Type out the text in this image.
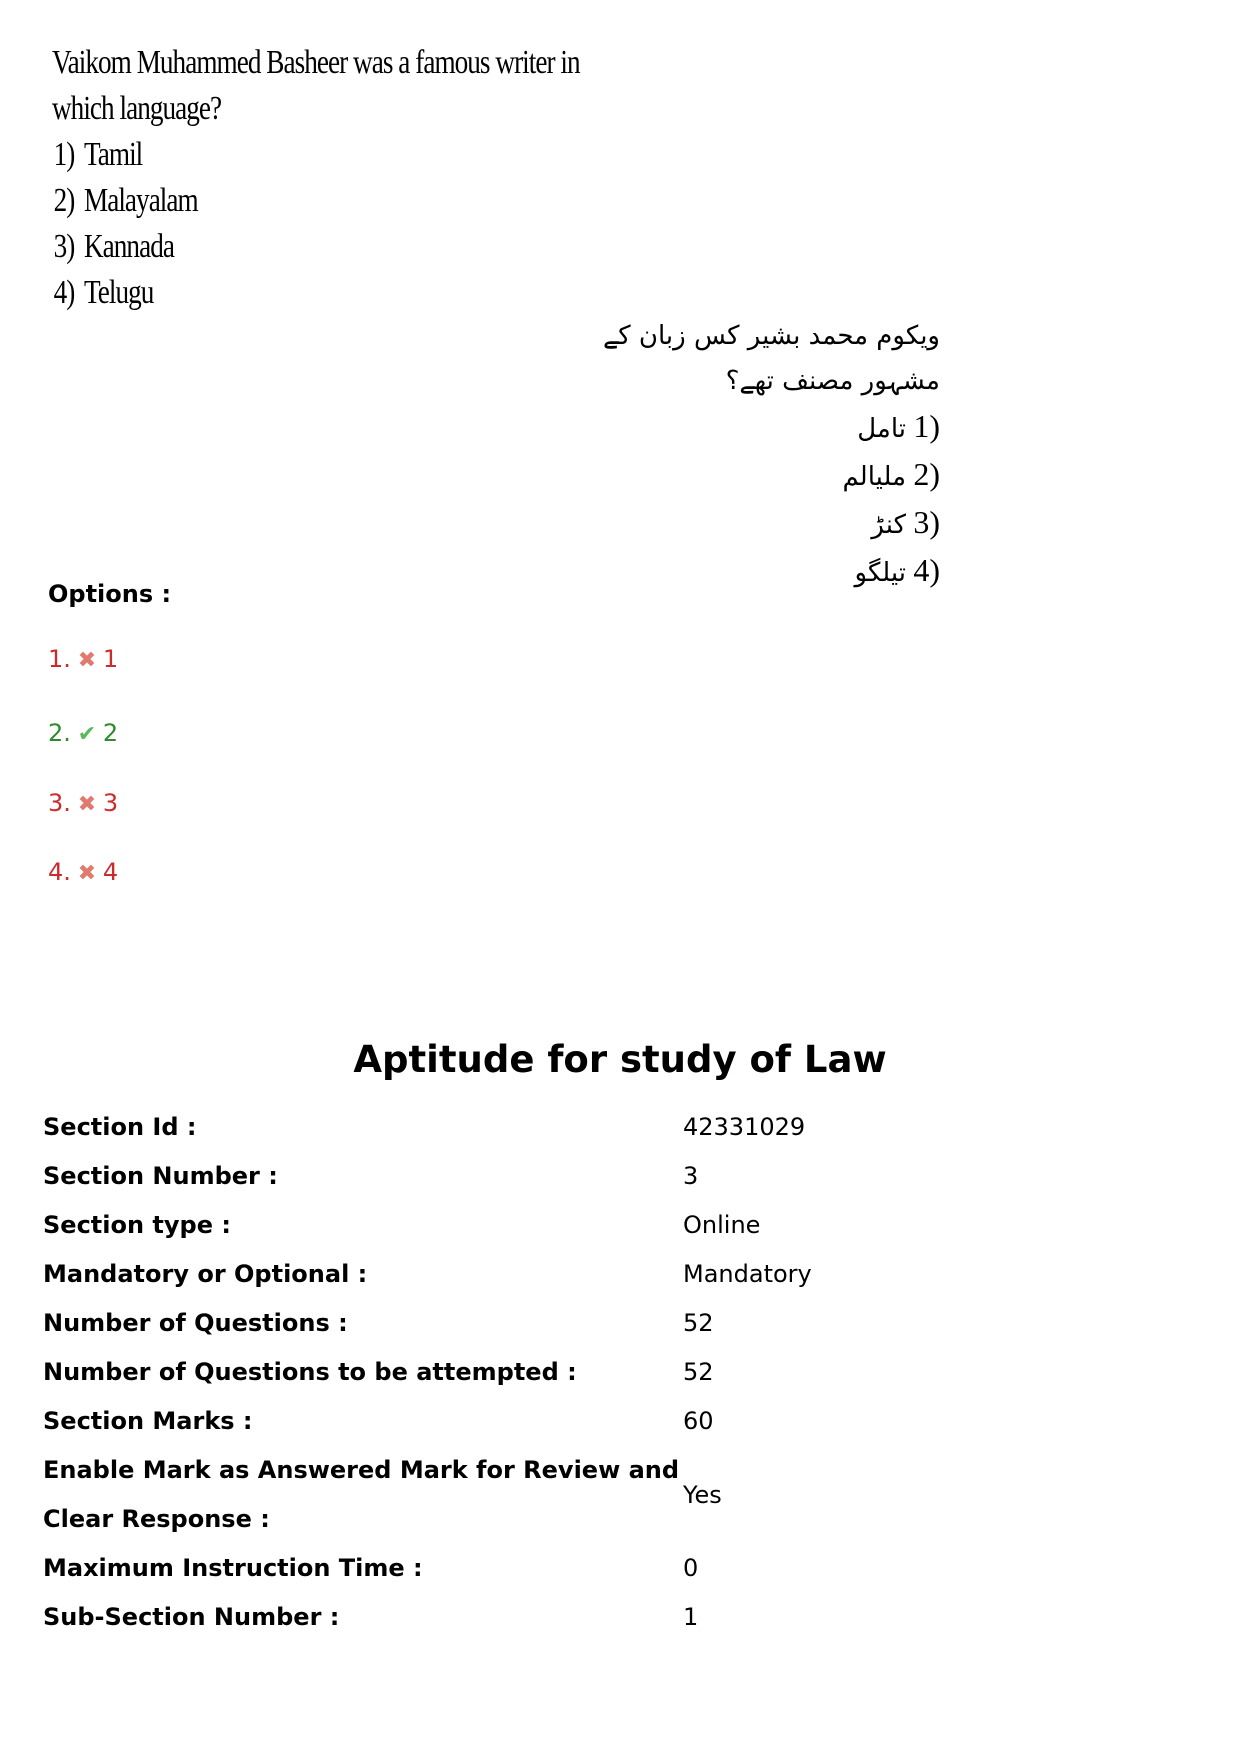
Vaikom Muhammed Basheer was a famous writer in which language?
1) Tamil
2) Malayalam
3) Kannada
4) Telugu
ویکوم محمد بشیر کس زبان کے مشہور مصنف تھے؟
1)تامل
2)ملیالم
3)کنڑ
4)تیلگو
Options :
1. ✖ 1
2. ✔ 2
3. ✖ 3
4. ✖ 4
Aptitude for study of Law
Section Id :	42331029
Section Number :	3
Section type :	Online
Mandatory or Optional :	Mandatory
Number of Questions :	52
Number of Questions to be attempted :	52
Section Marks :	60
Enable Mark as Answered Mark for Review and Clear Response :
Yes
Maximum Instruction Time :	0
Sub-Section Number :	1
